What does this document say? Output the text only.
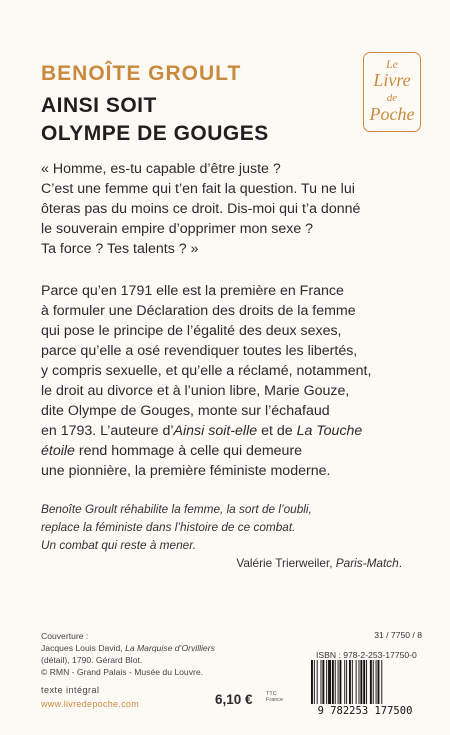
BENOÎTE GROULT
AINSI SOIT
OLYMPE DE GOUGES
Le
Livre
de
Poche
« Homme, es-tu capable d’être juste ?
C’est une femme qui t’en fait la question. Tu ne lui
ôteras pas du moins ce droit. Dis-moi qui t’a donné
le souverain empire d’opprimer mon sexe ?
Ta force ? Tes talents ? »
Parce qu’en 1791 elle est la première en France
à formuler une Déclaration des droits de la femme
qui pose le principe de l’égalité des deux sexes,
parce qu’elle a osé revendiquer toutes les libertés,
y compris sexuelle, et qu’elle a réclamé, notamment,
le droit au divorce et à l’union libre, Marie Gouze,
dite Olympe de Gouges, monte sur l’échafaud
en 1793. L’auteure d’Ainsi soit-elle et de La Touche
étoile rend hommage à celle qui demeure
une pionnière, la première féministe moderne.
Benoîte Groult réhabilite la femme, la sort de l’oubli,
replace la féministe dans l’histoire de ce combat.
Un combat qui reste à mener.
Valérie Trierweiler, Paris-Match.
Couverture :
Jacques Louis David, La Marquise d’Orvilliers
(détail), 1790. Gérard Blot.
© RMN - Grand Palais - Musée du Louvre.
texte intégral
www.livredepoche.com	6,10 € TTC
France
31 / 7750 / 8
ISBN : 978-2-253-17750-0
9 782253 177500
